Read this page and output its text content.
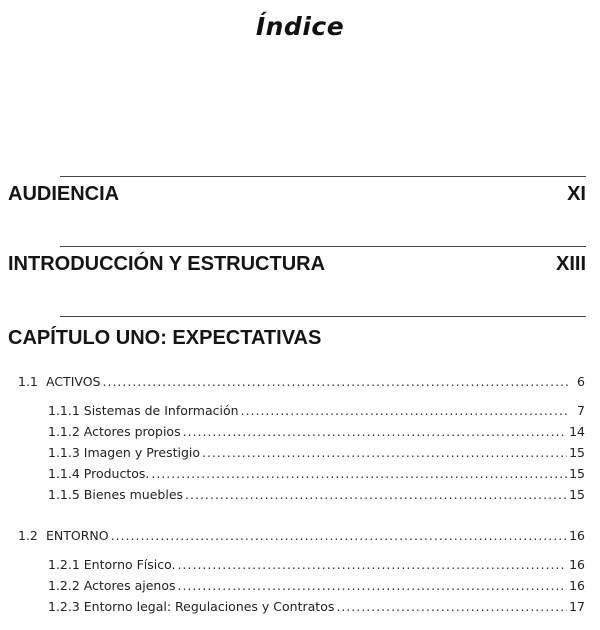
Índice
AUDIENCIA	XI
INTRODUCCIÓN Y ESTRUCTURA	XIII
CAPÍTULO UNO: EXPECTATIVAS
1.1 ACTIVOS .....	6
1.1.1 Sistemas de Información .....	7
1.1.2 Actores propios .....	14
1.1.3 Imagen y Prestigio .....	15
1.1.4 Productos. .....	15
1.1.5 Bienes muebles .....	15
1.2 ENTORNO .....	16
1.2.1 Entorno Físico. .....	16
1.2.2 Actores ajenos .....	16
1.2.3 Entorno legal: Regulaciones y Contratos .....	17
